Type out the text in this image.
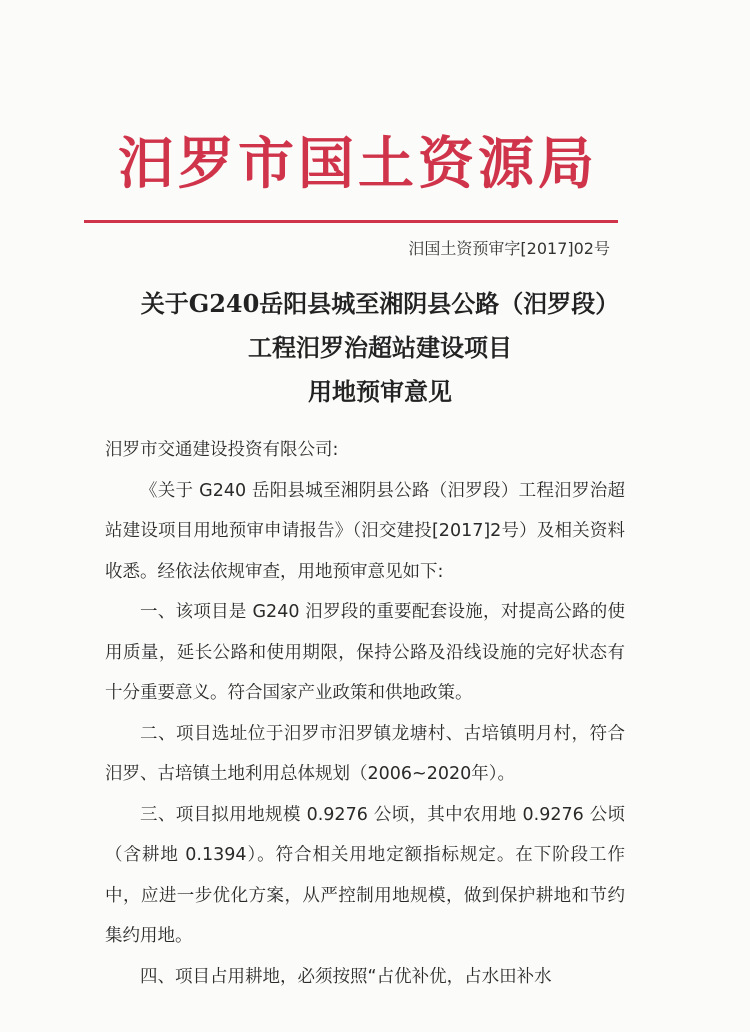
汨罗市国土资源局
汨国土资预审字[2017]02号
关于G240岳阳县城至湘阴县公路（汨罗段）
工程汨罗治超站建设项目
用地预审意见

汨罗市交通建设投资有限公司:

《关于 G240 岳阳县城至湘阴县公路（汨罗段）工程汨罗治超站建设项目用地预审申请报告》（汨交建投[2017]2号）及相关资料收悉。经依法依规审查，用地预审意见如下:

一、该项目是 G240 汨罗段的重要配套设施，对提高公路的使用质量，延长公路和使用期限，保持公路及沿线设施的完好状态有十分重要意义。符合国家产业政策和供地政策。

二、项目选址位于汨罗市汨罗镇龙塘村、古培镇明月村，符合汨罗、古培镇土地利用总体规划（2006~2020年）。

三、项目拟用地规模 0.9276 公顷，其中农用地 0.9276 公顷（含耕地 0.1394）。符合相关用地定额指标规定。在下阶段工作中，应进一步优化方案，从严控制用地规模，做到保护耕地和节约集约用地。

四、项目占用耕地，必须按照“占优补优，占水田补水
